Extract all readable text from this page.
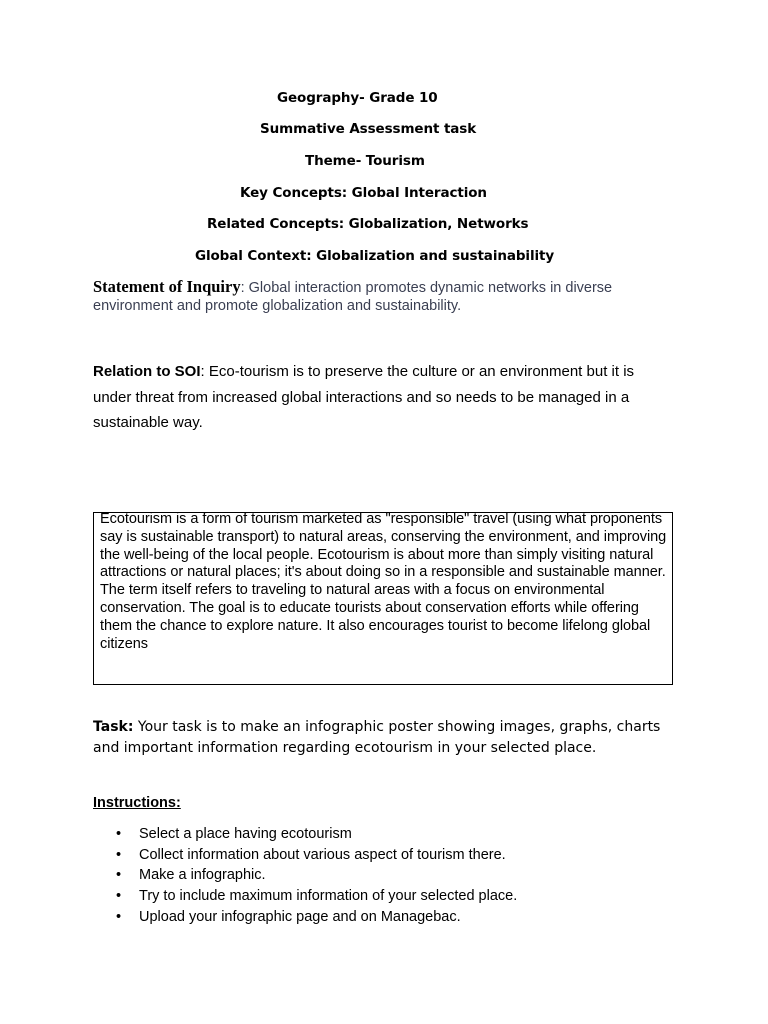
Geography- Grade 10
Summative Assessment task
Theme- Tourism
Key Concepts: Global Interaction
Related Concepts: Globalization, Networks
Global Context: Globalization and sustainability
Statement of Inquiry: Global interaction promotes dynamic networks in diverse environment and promote globalization and sustainability.
Relation to SOI: Eco-tourism is to preserve the culture or an environment but it is under threat from increased global interactions and so needs to be managed in a sustainable way.
Ecotourism is a form of tourism marketed as "responsible" travel (using what proponents say is sustainable transport) to natural areas, conserving the environment, and improving the well-being of the local people. Ecotourism is about more than simply visiting natural attractions or natural places; it's about doing so in a responsible and sustainable manner. The term itself refers to traveling to natural areas with a focus on environmental conservation. The goal is to educate tourists about conservation efforts while offering them the chance to explore nature. It also encourages tourist to become lifelong global citizens
Task: Your task is to make an infographic poster showing images, graphs, charts and important information regarding ecotourism in your selected place.
Instructions:
• Select a place having ecotourism
• Collect information about various aspect of tourism there.
• Make a infographic.
• Try to include maximum information of your selected place.
• Upload your infographic page and on Managebac.
